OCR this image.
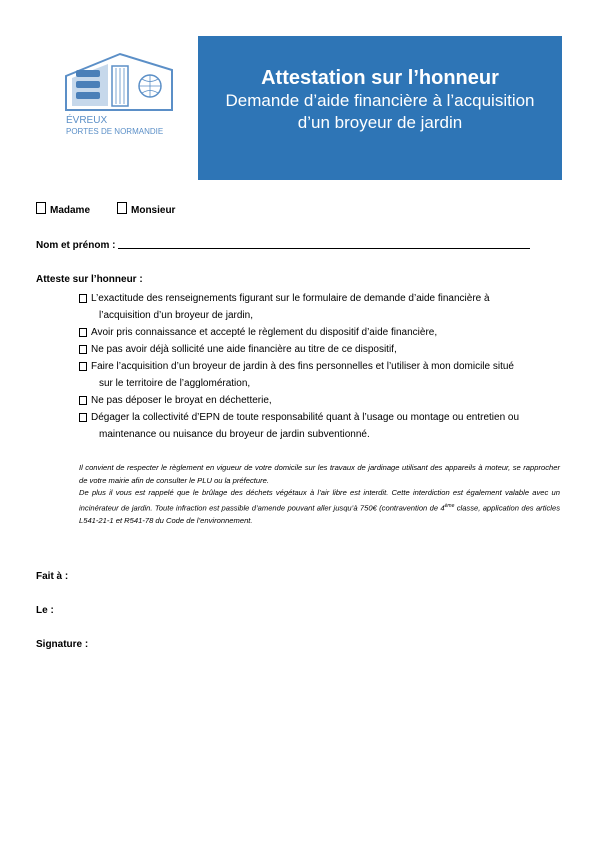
ÉVREUX
PORTES DE NORMANDIE
Attestation sur l’honneur
Demande d’aide financière à l’acquisition
d’un broyeur de jardin
Madame	Monsieur
Nom et prénom :
Atteste sur l’honneur :
L’exactitude des renseignements figurant sur le formulaire de demande d’aide financière à
l’acquisition d’un broyeur de jardin,
Avoir pris connaissance et accepté le règlement du dispositif d’aide financière,
Ne pas avoir déjà sollicité une aide financière au titre de ce dispositif,
Faire l’acquisition d’un broyeur de jardin à des fins personnelles et l’utiliser à mon domicile situé
sur le territoire de l’agglomération,
Ne pas déposer le broyat en déchetterie,
Dégager la collectivité d’EPN de toute responsabilité quant à l’usage ou montage ou entretien ou
maintenance ou nuisance du broyeur de jardin subventionné.

Il convient de respecter le règlement en vigueur de votre domicile sur les travaux de jardinage utilisant des appareils à moteur, se rapprocher de votre mairie afin de consulter le PLU ou la préfecture.

De plus il vous est rappelé que le brûlage des déchets végétaux à l’air libre est interdit. Cette interdiction est également valable avec un incinérateur de jardin. Toute infraction est passible d’amende pouvant aller jusqu’à 750€ (contravention de 4ème classe, application des articles L541-21-1 et R541-78 du Code de l’environnement.

Fait à :
Le :
Signature :
